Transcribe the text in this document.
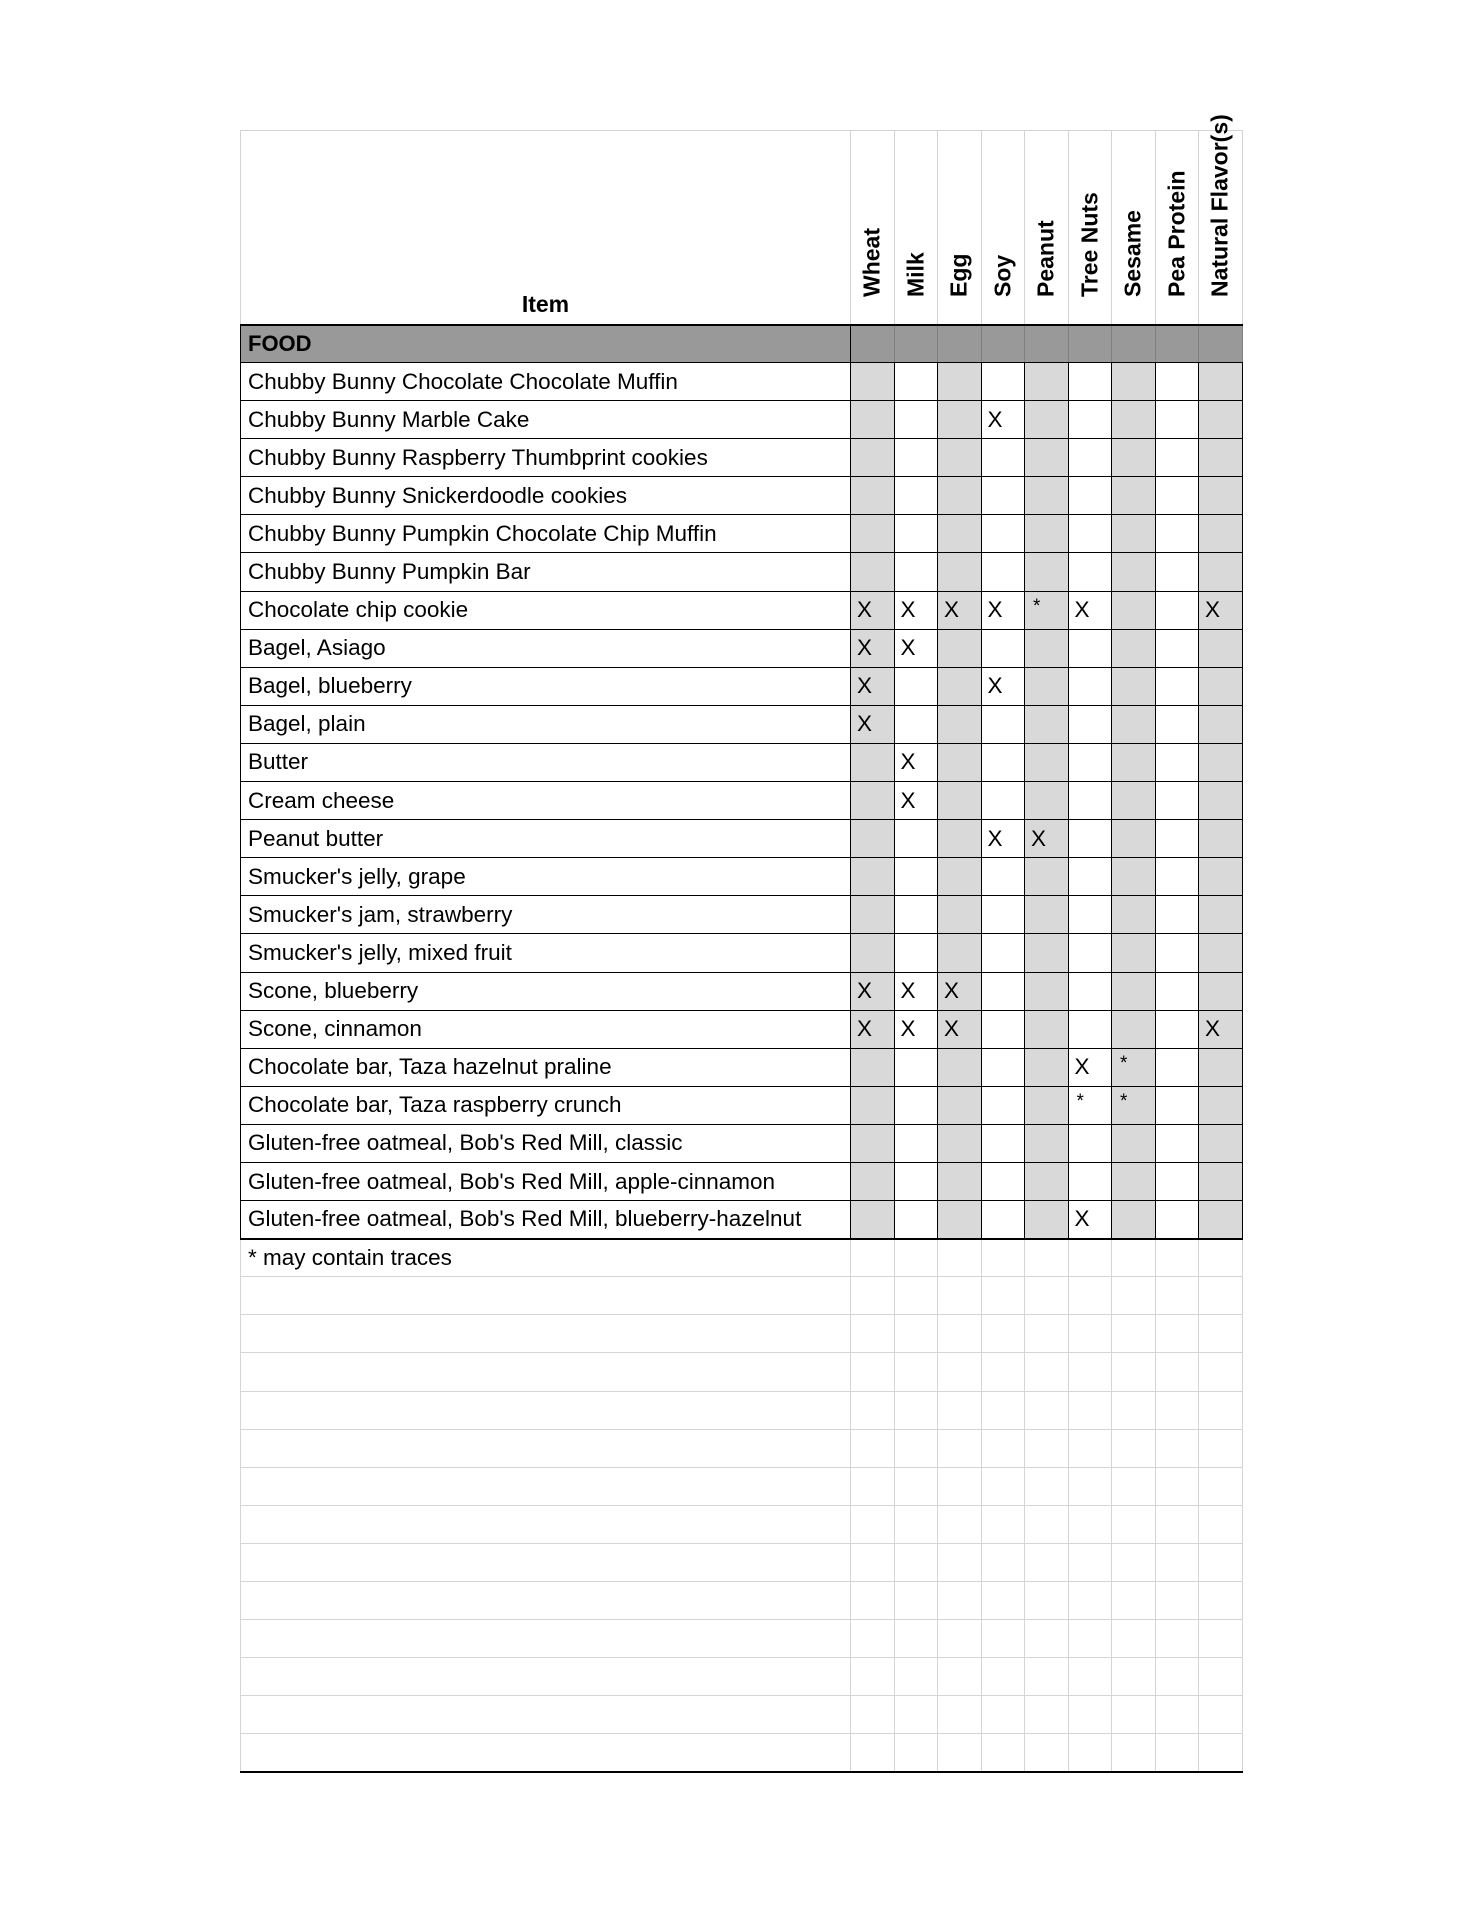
Item	Wheat	Milk	Egg	Soy	Peanut	Tree Nuts	Sesame	Pea Protein	Natural Flavor(s)

FOOD									
Chubby Bunny Chocolate Chocolate Muffin									
Chubby Bunny Marble Cake				X					
Chubby Bunny Raspberry Thumbprint cookies									
Chubby Bunny Snickerdoodle cookies									
Chubby Bunny Pumpkin Chocolate Chip Muffin									
Chubby Bunny Pumpkin Bar									
Chocolate chip cookie	X	X	X	X	*	X			X
Bagel, Asiago	X	X							
Bagel, blueberry	X			X					
Bagel, plain	X								
Butter		X							
Cream cheese		X							
Peanut butter				X	X				
Smucker's jelly, grape									
Smucker's jam, strawberry									
Smucker's jelly, mixed fruit									
Scone, blueberry	X	X	X						
Scone, cinnamon	X	X	X						X
Chocolate bar, Taza hazelnut praline						X	*		
Chocolate bar, Taza raspberry crunch						*	*		
Gluten-free oatmeal, Bob's Red Mill, classic									
Gluten-free oatmeal, Bob's Red Mill, apple-cinnamon									
Gluten-free oatmeal, Bob's Red Mill, blueberry-hazelnut						X			
* may contain traces									
